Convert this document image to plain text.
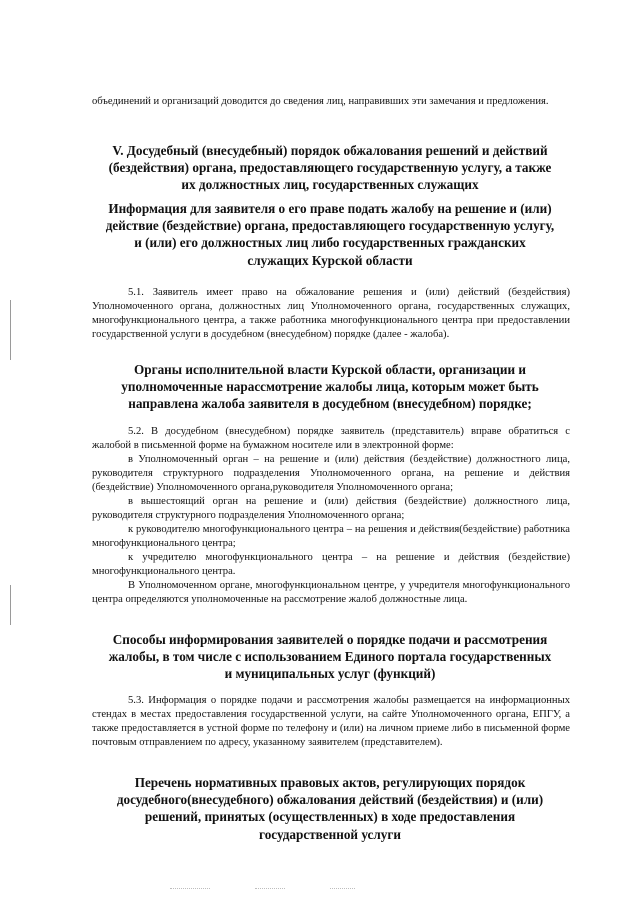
объединений и организаций доводится до сведения лиц, направивших эти замечания и предложения.

V. Досудебный (внесудебный) порядок обжалования решений и действий
(бездействия) органа, предоставляющего государственную услугу, а также
их должностных лиц, государственных служащих
Информация для заявителя о его праве подать жалобу на решение и (или)
действие (бездействие) органа, предоставляющего государственную услугу,
и (или) его должностных лиц либо государственных гражданских
служащих Курской области

5.1. Заявитель имеет право на обжалование решения и (или) действий (бездействия) Уполномоченного органа, должностных лиц Уполномоченного органа, государственных служащих, многофункционального центра, а также работника многофункционального центра при предоставлении государственной услуги в досудебном (внесудебном) порядке (далее - жалоба).

Органы исполнительной власти Курской области, организации и
уполномоченные нарассмотрение жалобы лица, которым может быть
направлена жалоба заявителя в досудебном (внесудебном) порядке;

5.2. В досудебном (внесудебном) порядке заявитель (представитель) вправе обратиться с жалобой в письменной форме на бумажном носителе или в электронной форме:

в Уполномоченный орган – на решение и (или) действия (бездействие) должностного лица, руководителя структурного подразделения Уполномоченного органа, на решение и действия (бездействие) Уполномоченного органа,руководителя Уполномоченного органа;

в вышестоящий орган на решение и (или) действия (бездействие) должностного лица, руководителя структурного подразделения Уполномоченного органа;

к руководителю многофункционального центра – на решения и действия(бездействие) работника многофункционального центра;

к учредителю многофункционального центра – на решение и действия (бездействие) многофункционального центра.

В Уполномоченном органе, многофункциональном центре, у учредителя многофункционального центра определяются уполномоченные на рассмотрение жалоб должностные лица.

Способы информирования заявителей о порядке подачи и рассмотрения
жалобы, в том числе с использованием Единого портала государственных
и муниципальных услуг (функций)

5.3. Информация о порядке подачи и рассмотрения жалобы размещается на информационных стендах в местах предоставления государственной услуги, на сайте Уполномоченного органа, ЕПГУ, а также предоставляется в устной форме по телефону и (или) на личном приеме либо в письменной форме почтовым отправлением по адресу, указанному заявителем (представителем).

Перечень нормативных правовых актов, регулирующих порядок
досудебного(внесудебного) обжалования действий (бездействия) и (или)
решений, принятых (осуществленных) в ходе предоставления
государственной услуги
